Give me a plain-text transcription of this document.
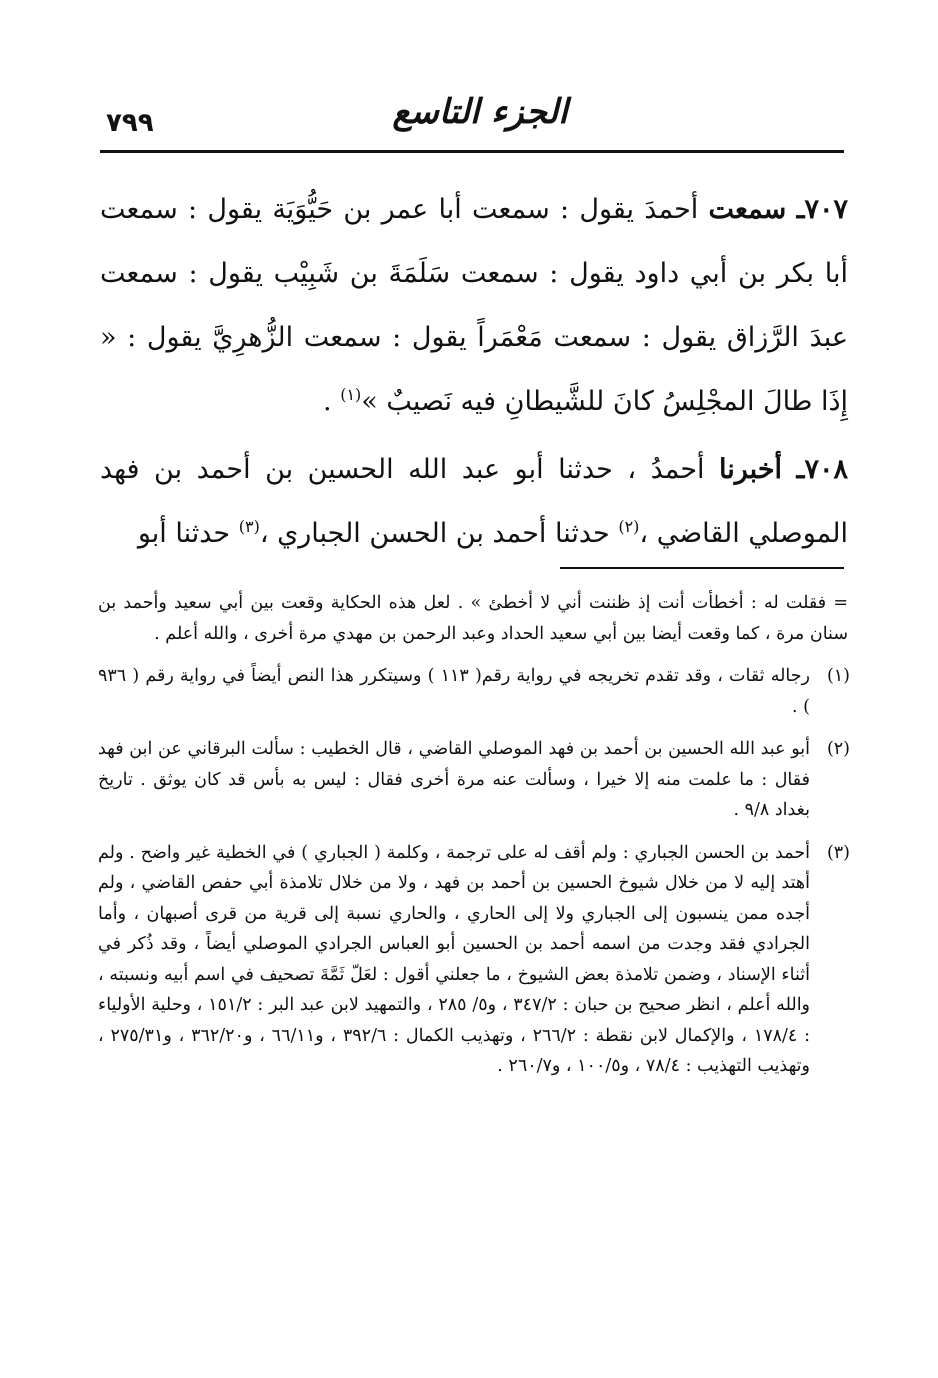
٧٩٩	الجزء التاسع

٧٠٧ـ سمعت أحمدَ يقول : سمعت أبا عمر بن حَيُّوَيَة يقول : سمعت أبا بكر بن أبي داود يقول : سمعت سَلَمَةَ بن شَبِيْب يقول : سمعت عبدَ الرَّزاق يقول : سمعت مَعْمَراً يقول : سمعت الزُّهرِيَّ يقول : « إِذَا طالَ المجْلِسُ كانَ للشَّيطانِ فيه نَصيبٌ »$^{(١)}$ .

٧٠٨ـ أخبرنا أحمدُ ، حدثنا أبو عبد الله الحسين بن أحمد بن فهد الموصلي القاضي ،$^{(٢)}$ حدثنا أحمد بن الحسن الجباري ،$^{(٣)}$ حدثنا أبو

= فقلت له : أخطأت أنت إذ ظننت أني لا أخطئ » . لعل هذه الحكاية وقعت بين أبي سعيد وأحمد بن سنان مرة ، كما وقعت أيضا بين أبي سعيد الحداد وعبد الرحمن بن مهدي مرة أخرى ، والله أعلم .

(١)
رجاله ثقات ، وقد تقدم تخريجه في رواية رقم( ١١٣ ) وسيتكرر هذا النص أيضاً في رواية رقم ( ٩٣٦ ) .
(٢)
أبو عبد الله الحسين بن أحمد بن فهد الموصلي القاضي ، قال الخطيب : سألت البرقاني عن ابن فهد فقال : ما علمت منه إلا خيرا ، وسألت عنه مرة أخرى فقال : ليس به بأس قد كان يوثق . تاريخ بغداد ٩/٨ .
(٣)
أحمد بن الحسن الجباري : ولم أقف له على ترجمة ، وكلمة ( الجباري ) في الخطية غير واضح . ولم أهتد إليه لا من خلال شيوخ الحسين بن أحمد بن فهد ، ولا من خلال تلامذة أبي حفص القاضي ، ولم أجده ممن ينسبون إلى الجباري ولا إلى الحاري ، والحاري نسبة إلى قرية من قرى أصبهان ، وأما الجرادي فقد وجدت من اسمه أحمد بن الحسين أبو العباس الجرادي الموصلي أيضاً ، وقد ذُكر في أثناء الإسناد ، وضمن تلامذة بعض الشيوخ ، ما جعلني أقول : لعَلّ ثَمَّةَ تصحيف في اسم أبيه ونسبته ، والله أعلم ، انظر صحيح بن حبان : ٣٤٧/٢ ، و٥/ ٢٨٥ ، والتمهيد لابن عبد البر : ١٥١/٢ ، وحلية الأولياء : ١٧٨/٤ ، والإكمال لابن نقطة : ٢٦٦/٢ ، وتهذيب الكمال : ٣٩٢/٦ ، و٦٦/١١ ، و٣٦٢/٢٠ ، و٢٧٥/٣١ ، وتهذيب التهذيب : ٧٨/٤ ، و١٠٠/٥ ، و٢٦٠/٧ .
